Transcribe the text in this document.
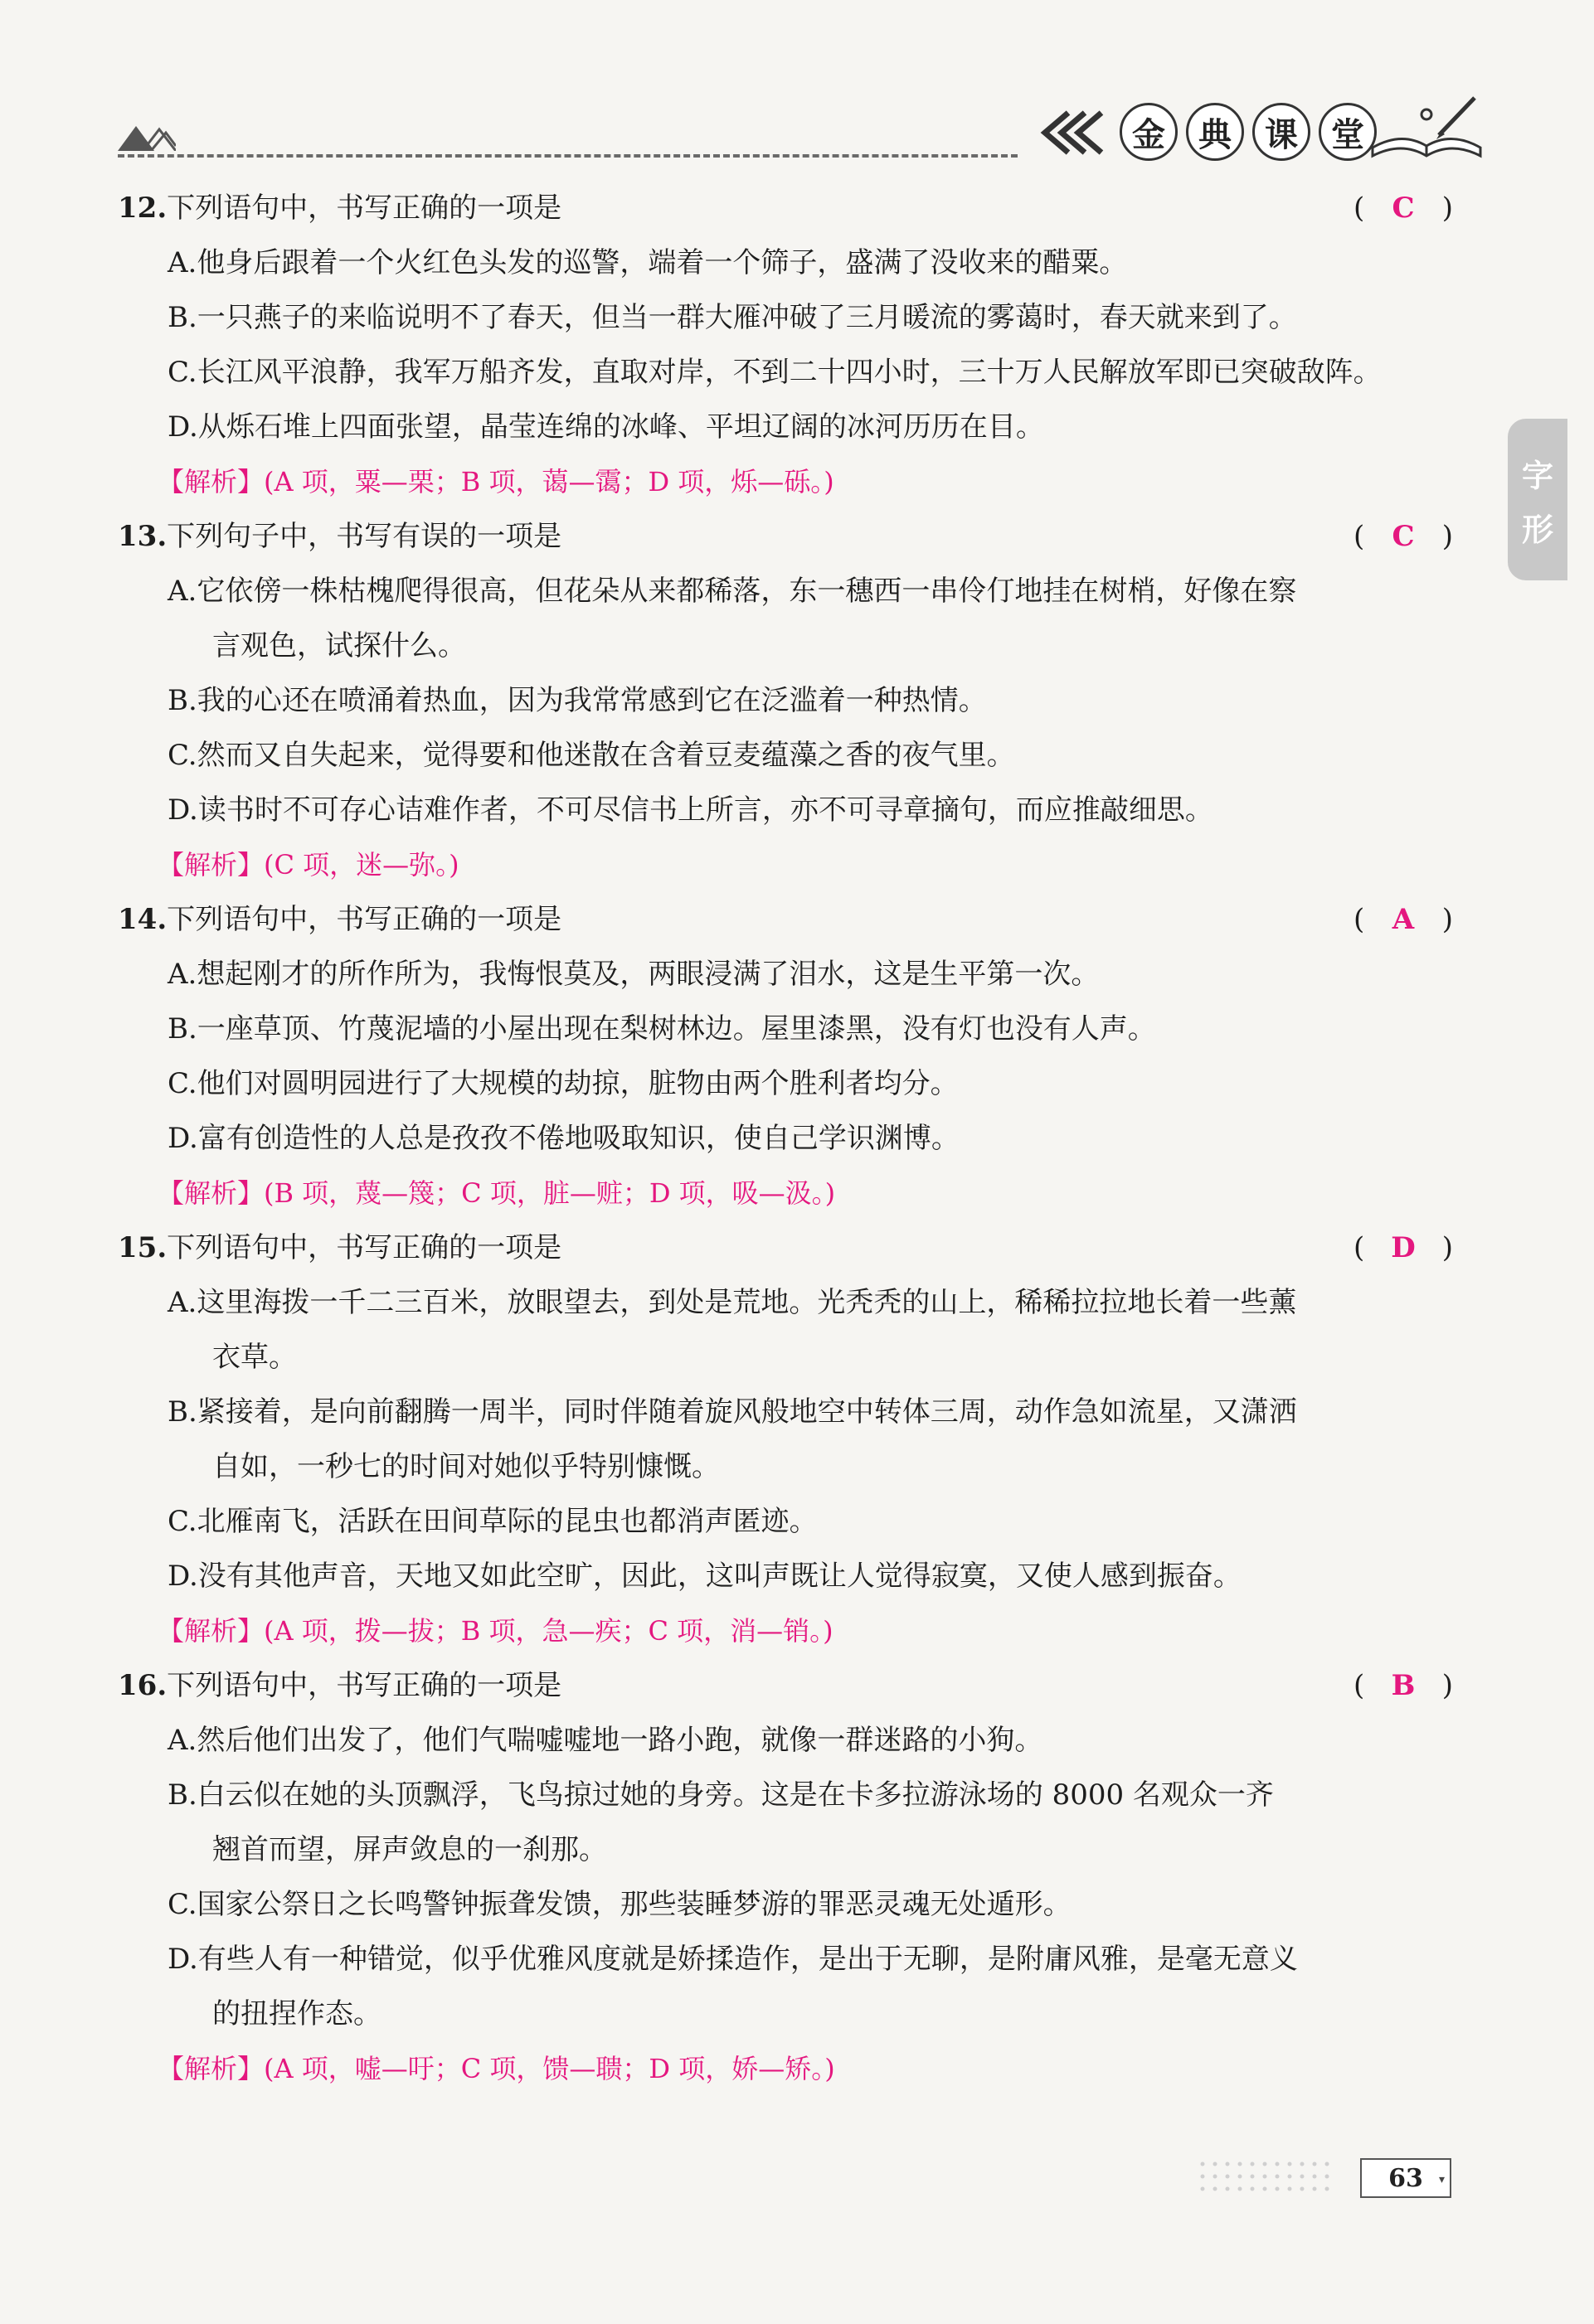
金	典	课	堂
字
形
12.下列语句中，书写正确的一项是	( C )
A.他身后跟着一个火红色头发的巡警，端着一个筛子，盛满了没收来的醋粟。
B.一只燕子的来临说明不了春天，但当一群大雁冲破了三月暖流的雾蔼时，春天就来到了。
C.长江风平浪静，我军万船齐发，直取对岸，不到二十四小时，三十万人民解放军即已突破敌阵。
D.从烁石堆上四面张望，晶莹连绵的冰峰、平坦辽阔的冰河历历在目。
【解析】(A 项，粟—栗；B 项，蔼—霭；D 项，烁—砾。)
13.下列句子中，书写有误的一项是	( C )
A.它依傍一株枯槐爬得很高，但花朵从来都稀落，东一穗西一串伶仃地挂在树梢，好像在察
言观色，试探什么。
B.我的心还在喷涌着热血，因为我常常感到它在泛滥着一种热情。
C.然而又自失起来，觉得要和他迷散在含着豆麦蕴藻之香的夜气里。
D.读书时不可存心诘难作者，不可尽信书上所言，亦不可寻章摘句，而应推敲细思。
【解析】(C 项，迷—弥。)
14.下列语句中，书写正确的一项是	( A )
A.想起刚才的所作所为，我悔恨莫及，两眼浸满了泪水，这是生平第一次。
B.一座草顶、竹蔑泥墙的小屋出现在梨树林边。屋里漆黑，没有灯也没有人声。
C.他们对圆明园进行了大规模的劫掠，脏物由两个胜利者均分。
D.富有创造性的人总是孜孜不倦地吸取知识，使自己学识渊博。
【解析】(B 项，蔑—篾；C 项，脏—赃；D 项，吸—汲。)
15.下列语句中，书写正确的一项是	( D )
A.这里海拨一千二三百米，放眼望去，到处是荒地。光秃秃的山上，稀稀拉拉地长着一些薰
衣草。
B.紧接着，是向前翻腾一周半，同时伴随着旋风般地空中转体三周，动作急如流星，又潇洒
自如，一秒七的时间对她似乎特别慷慨。
C.北雁南飞，活跃在田间草际的昆虫也都消声匿迹。
D.没有其他声音，天地又如此空旷，因此，这叫声既让人觉得寂寞，又使人感到振奋。
【解析】(A 项，拨—拔；B 项，急—疾；C 项，消—销。)
16.下列语句中，书写正确的一项是	( B )
A.然后他们出发了，他们气喘嘘嘘地一路小跑，就像一群迷路的小狗。
B.白云似在她的头顶飘浮，飞鸟掠过她的身旁。这是在卡多拉游泳场的 8000 名观众一齐
翘首而望，屏声敛息的一刹那。
C.国家公祭日之长鸣警钟振聋发馈，那些装睡梦游的罪恶灵魂无处遁形。
D.有些人有一种错觉，似乎优雅风度就是娇揉造作，是出于无聊，是附庸风雅，是毫无意义
的扭捏作态。
【解析】(A 项，嘘—吁；C 项，馈—聩；D 项，娇—矫。)
63 ▾
